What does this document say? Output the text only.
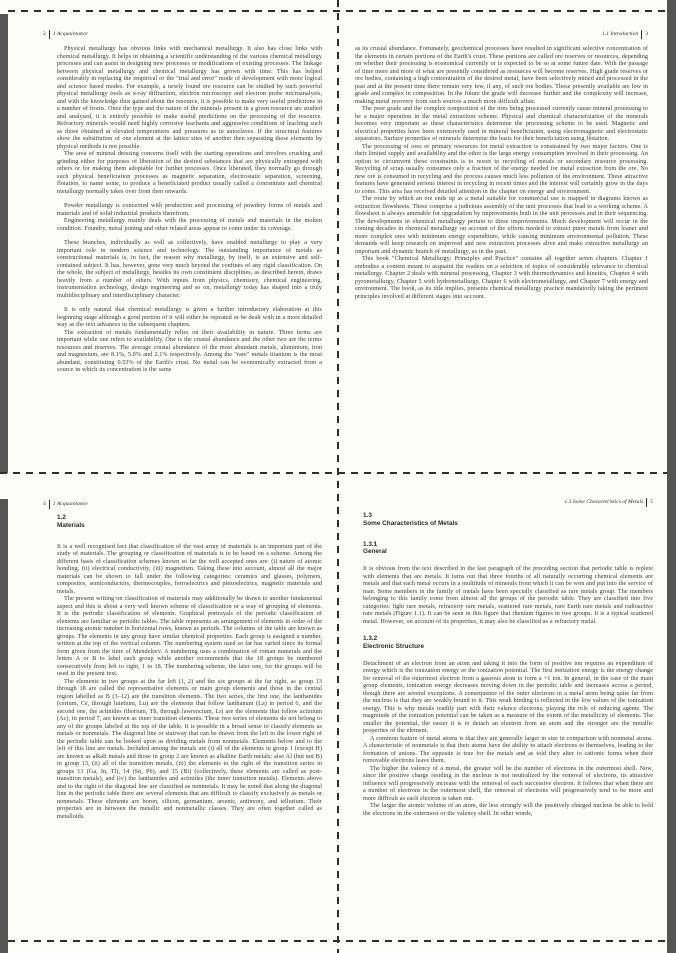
2 1 Acquaintance

Physical metallurgy has obvious links with mechanical metallurgy. It also has close links with chemical metallurgy. It helps in obtaining a scientific understanding of the various chemical metallurgy processes and can assist in designing new processes or modifications of existing processes. The linkage between physical metallurgy and chemical metallurgy has grown with time. This has helped considerably in replacing the empirical or the "trial and error" mode of development with more logical and science based modes. For example, a newly found ore resource can be studied by such powerful physical metallurgy tools as x-ray diffraction, electron microscopy and electron probe microanalysis, and with the knowledge thus gained about the resource, it is possible to make very useful predictions in a number of fronts. Once the type and the nature of the minerals present in a given resource are studied and analysed, it is entirely possible to make useful predictions on the processing of the resource. Refractory minerals would need highly corrosive leachants and aggressive conditions of leaching such as those obtained at elevated temperatures and pressures as in autoclaves. If the structural features show the substitution of one element at the lattice sites of another then separating these elements by physical methods is not possible.

The area of mineral dressing concerns itself with the starting operations and involves crushing and grinding either for purposes of liberation of the desired substances that are physically entrapped with others or for making them adoptable for further processes. Once liberated, they normally go through such physical beneficiation processes as magnetic separation, electrostatic separation, screening, flotation, to name some, to produce a beneficiated product usually called a concentrate and chemical metallurgy normally takes over from then onwards.

Powder metallurgy is concerned with production and processing of powdery forms of metals and materials and of solid industrial products therefrom.

Engineering metallurgy mainly deals with the processing of metals and materials in the molten condition. Foundry, metal joining and other related areas appear to come under its coverage.

These branches, individually as well as collectively, have enabled metallurgy to play a very important role in modern science and technology. The outstanding importance of metals as constructional materials is, in fact, the reason why metallurgy, by itself, is an extensive and self-contained subject. It has, however, gone very much beyond the confines of any rigid classification. On the whole, the subject of metallurgy, besides its own constituent disciplines, as described herein, draws heavily from a number of others. With inputs from physics, chemistry, chemical engineering, instrumentation technology, design engineering and so on, metallurgy today has shaped into a truly multidisciplinary and interdisciplinary character.

It is only natural that chemical metallurgy is given a further introductory elaboration at this beginning stage although a good portion of it will either be repeated or be dealt with in a more detailed way as the text advances in the subsequent chapters.

The extraction of metals fundamentally relies on their availability in nature. Three terms are important while one refers to availability. One is the crustal abundance and the other two are the terms resources and reserves. The average crustal abundance of the most abundant metals, aluminium, iron and magnesium, are 8.1%, 5.0% and 2.1% respectively. Among the "rare" metals titanium is the most abundant, constituting 0.53% of the Earth's crust. No metal can be economically extracted from a source in which its concentration is the same

1.1 Introduction 3

as its crustal abundance. Fortunately, geochemical processes have resulted in significant selective concentration of the elements in certain portions of the Earth's crust. These portions are called ore reserves or resources, depending on whether their processing is economical currently or is expected to be so at some future date. With the passage of time more and more of what are presently considered as resources will become reserves. High grade reserves or ore bodies, containing a high concentration of the desired metal, have been selectively mined and processed in the past and at the present time there remain very few, if any, of such ore bodies. Those presently available are low in grade and complex in composition. In the future the grade will decrease further and the complexity will increase, making metal recovery from such sources a much more difficult affair.

The poor grade and the complex composition of the ores being processed currently cause mineral processing to be a major operation in the metal extraction scheme. Physical and chemical characterization of the minerals becomes very important as these characteristics determine the processing scheme to be used. Magnetic and electrical properties have been extensively used in mineral beneficiation, using electromagnetic and electrostatic separators. Surface properties of minerals determine the basis for their beneficiation using flotation.

The processing of ores or primary resources for metal extraction is constrained by two major factors. One is their limited supply and availability and the other is the large energy consumption involved in their processing. An option to circumvent these constraints is to resort to recycling of metals or secondary resource processing. Recycling of scrap usually consumes only a fraction of the energy needed for metal extraction from the ore. No new ore is consumed in recycling and the process causes much less pollution of the environment. These attractive features have generated serious interest in recycling in recent times and the interest will certainly grow in the days to come. This area has received detailed attention in the chapter on energy and environment.

The route by which an ore ends up as a metal suitable for commercial use is mapped in diagrams known as extraction flowsheets. These comprise a judicious assembly of the unit processes that lead to a working scheme. A flowsheet is always amenable for upgradation by improvements both in the unit processes and in their sequencing. The developments in chemical metallurgy pertain to these improvements. Much development will occur in the coming decades in chemical metallurgy on account of the efforts needed to extract purer metals from leaner and more complex ores with minimum energy expenditure, while causing minimum environmental pollution. These demands will keep research on improved and new extraction processes alive and make extractive metallurgy an important and dynamic branch of metallurgy, as in the past.

This book "Chemical Metallurgy: Principles and Practice" contains all together seven chapters. Chapter 1 embodies a content meant to acquaint the readers on a selection of topics of considerable relevance to chemical metallurgy. Chapter 2 deals with mineral processing, Chapter 3 with thermodynamics and kinetics, Chapter 4 with pyrometallurgy, Chapter 5 with hydrometallurgy, Chapter 6 with electrometallurgy, and Chapter 7 with energy and environment. The book, as its title implies, presents chemical metallurgy practice mandatorily taking the pertinent principles involved at different stages into account.

4 1 Acquaintance
1.2
Materials

It is a well recognised fact that classification of the vast array of materials is an important part of the study of materials. The grouping or classification of materials is to be based on a scheme. Among the different basis of classification schemes known so far the well accepted ones are: (i) nature of atomic bonding, (ii) electrical conductivity, (iii) magnetism. Taking these into account, almost all the major materials can be shown to fall under the following categories: ceramics and glasses, polymers, composites, semiconductors, thermocouples, ferroelectrics and piezoelectrics, magnetic materials and metals.

The present writing on classification of materials may additionally be drawn to another fundamental aspect and this is about a very well known scheme of classification or a way of grouping of elements. It is the periodic classification of elements. Graphical portrayals of the periodic classification of elements are familiar as periodic tables. The table represents an arrangement of elements in order of the increasing atomic number in horizontal rows, known as periods. The columns of the table are known as groups. The elements in any group have similar chemical properties. Each group is assigned a number, written at the top of the vertical column. The numbering system used so far has varied since its formal form given from the time of Mendeleev. A numbering uses a combination of roman numerals and the letters A or B to label each group while another recommends that the 18 groups be numbered consecutively from left to right, 1 to 18. The numbering scheme, the later one, for the groups will be used in the present text.

The elements in two groups at the far left (1, 2) and the six groups at the far right, as group 13 through 18 are called the representative elements or main group elements and those in the central region labelled as B (3–12) are the transition elements. The two series, the first one, the lanthanides (cerium, Ce, through lutetium, Lu) are the elements that follow lanthanum (La) in period 6, and the second one, the actinides (thorium, Th, through lawrencium, Lr) are the elements that follow actinium (Ac), in period 7, are known as inner transition elements. These two series of elements do not belong to any of the groups labeled at the top of the table. It is possible in a broad sense to classify elements as metals or nonmetals. The diagonal line or stairway that can be drawn from the left to the lower right of the periodic table can be looked upon as dividing metals from nonmetals. Elements below and to the left of this line are metals. Included among the metals are (i) all of the elements in group 1 (except H) are known as alkali metals and those in group 2 are known as alkaline Earth metals; also Al (but not B) in group 13, (ii) all of the transition metals, (iii) the elements to the right of the transition series in groups 13 (Ga, In, Tl), 14 (Sn, Pb), and 15 (Bi) (collectively, these elements are called as post-transition metals), and (iv) the lanthanides and actinides (the inner transition metals). Elements above and to the right of the diagonal line are classified as nonmetals. It may be noted that along the diagonal line in the periodic table there are several elements that are difficult to classify exclusively as metals or nonmetals. These elements are boron, silicon, germanium, arsenic, antimony, and tellurium. Their properties are in between the metallic and nonmetallic classes. They are often together called as metalloids.

1.3 Some Characteristics of Metals 5
1.3
Some Characteristics of Metals
1.3.1
General

It is obvious from the text described in the last paragraph of the preceding section that periodic table is replete with elements that are metals. It turns out that three fourths of all naturally occurring chemical elements are metals and that each metal occurs in a multitude of minerals from which it can be won and put into the service of man. Some members in the family of metals have been specially classified as rare metals group. The members belonging to this family come from almost all the groups of the periodic table. They are classified into five categories: light rare metals, refractory rare metals, scattered rare metals, rare Earth rare metals and radioactive rare metals (Figure 1.1). It can be seen in this figure that rhenium figures in two groups. It is a typical scattered metal. However, on account of its properties, it may also be classified as a refractory metal.

1.3.2
Electronic Structure

Detachment of an electron from an atom and taking it into the form of positive ion requires an expenditure of energy which is the ionization energy or the ionization potential. The first ionization energy is the energy change for removal of the outermost electron from a gaseous atom to form a +1 ion. In general, in the case of the main group elements, ionization energy decreases moving down in the periodic table and increases across a period, though there are several exceptions. A consequence of the outer electrons in a metal atom being quite far from the nucleus is that they are weakly bound to it. This weak binding is reflected in the low values of the ionization energy. This is why metals readily part with their valence electrons, playing the role of reducing agents. The magnitude of the ionization potential can be taken as a measure of the extent of the metallicity of elements. The smaller the potential, the easier it is to detach an electron from an atom and the stronger are the metallic properties of the element.

A common feature of metal atoms is that they are generally larger in size in comparison with nonmetal atoms. A characteristic of nonmetals is that their atoms have the ability to attach electrons to themselves, leading to the formation of anions. The opposite is true for the metals and as told they alter to cationic forms when their removable electrons leave them.

The higher the valency of a metal, the greater will be the number of electrons in the outermost shell. Now, since the positive charge residing in the nucleus is not neutralized by the removal of electrons, its attractive influence will progressively increase with the removal of each successive electron. It follows that when there are a number of electrons in the outermost shell, the removal of electrons will progressively tend to be more and more difficult as each electron is taken out.

The larger the atomic volume of an atom, the less strongly will the positively charged nucleus be able to hold the electrons in the outermost or the valency shell. In other words,
